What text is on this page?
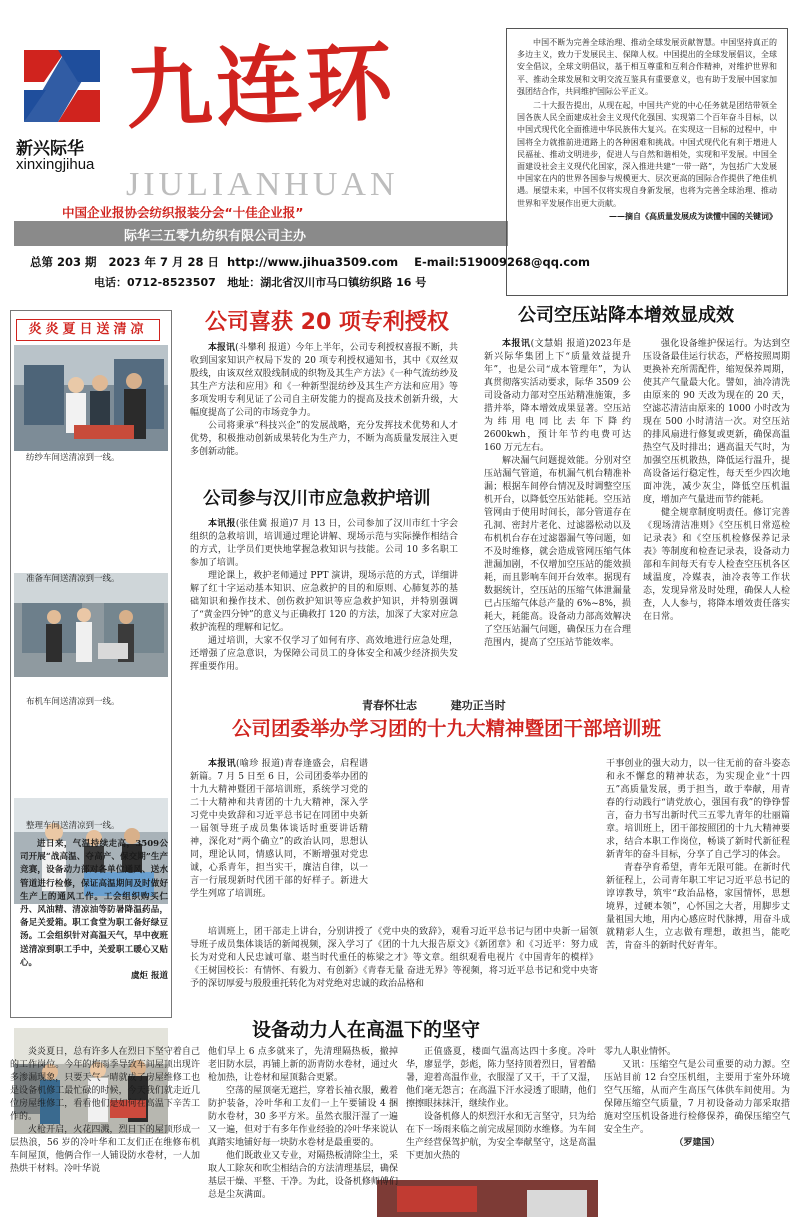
新兴际华
xinxingjihua
九连环
JIULIANHUAN
中国企业报协会纺织报装分会“十佳企业报”
际华三五零九纺织有限公司主办
总第 203 期   2023 年 7 月 28 日  http://www.jihua3509.com    E-mail:519009268@qq.com
电话：0712-8523507   地址：湖北省汉川市马口镇纺织路 16 号

中国不断为完善全球治理、推动全球发展贡献智慧。中国坚持真正的多边主义，致力于发展民主、保障人权。中国提出的全球发展倡议，全球安全倡议，全球文明倡议，基于相互尊重和互利合作精神，对维护世界和平、推动全球发展和文明交流互鉴具有重要意义，也有助于发展中国家加强团结合作，共同维护国际公平正义。

二十大报告提出，从现在起，中国共产党的中心任务就是团结带领全国各族人民全面建成社会主义现代化强国、实现第二个百年奋斗目标，以中国式现代化全面推进中华民族伟大复兴。在实现这一目标的过程中，中国将全力就推前进道路上的各种困难和挑战。中国式现代化有利于增进人民福祉、推动文明进步，促进人与自然和谐相处，实现和平发展。中国全面建设社会主义现代化国家，深入推进共建“一带一路”，为包括广大发展中国家在内的世界各国参与规模更大、层次更高的国际合作提供了绝佳机遇。展望未来，中国不仅将实现自身新发展，也将为完善全球治理、推动世界和平发展作出更大贡献。

——摘自《高质量发展成为读懂中国的关键词》

炎炎夏日送清凉
纺纱车间送清凉到一线。
准备车间送清凉到一线。
布机车间送清凉到一线。
整理车间送清凉到一线。

进日来，气温持续走高，3509公司开展“战高温、夺高产、保交期”生产竞赛，设备动力部对各单位通风、送水管道进行检修，保证高温期间及时做好生产上的通风工作。工会组织购买仁丹、风油精、清凉油等防暑降温药品，备足关爱箱。职工食堂为职工备好绿豆汤。工会组织针对高温天气，早中夜班送清凉到职工手中，关爱职工暖心又贴心。

虞炬 报道

公司喜获 20 项专利授权

本报讯(斗攀利 报道）今年上半年，公司专利授权喜报不断，共收到国家知识产权局下发的 20 项专利授权通知书，其中《双丝双股线，由该双丝双股线制成的织物及其生产方法》《一种气流纺纱及其生产方法和应用》和《一种新型混纺纱及其生产方法和应用》等多项发明专利见证了公司自主研发能力的提高及技术创新升级，大幅度提高了公司的市场竞争力。

公司将秉承“科技兴企”的发展战略，充分发挥技术优势和人才优势，积极推动创新成果转化为生产力，不断为高质量发展注入更多创新动能。

公司参与汉川市应急救护培训

本讯报(张佳冀 报道)7 月 13 日，公司参加了汉川市红十字会组织的急救培训，培训通过理论讲解、现场示范与实际操作相结合的方式，让学员们更快地掌握急救知识与技能。公司 10 多名职工参加了培训。

理论课上，救护老师通过 PPT 演讲，现场示范的方式，详细讲解了红十字运动基本知识、应急救护的目的和原则、心肺复苏的基础知识和操作技术、创伤救护知识等应急救护知识，并特别强调了“黄金四分钟”的意义与正确救打 120 的方法，加深了大家对应急救护流程的理解和记忆。

通过培训，大家不仅学习了如何有序、高效地进行应急处理，还增强了应急意识，为保障公司员工的身体安全和减少经济损失发挥重要作用。

公司空压站降本增效显成效

本报讯(文慧娟 报道)2023年是新兴际华集团上下“质量效益提升年”，也是公司“成本管理年”，为认真贯彻落实活动要求，际华 3509 公司设备动力部对空压站精准施策，多措并举，降本增效成果显著。空压站为纬用电同比去年下降约 2600kwh，预计年节约电费可达 160 万元左右。

解决漏气问题提效能。分别对空压站漏气管道，布机漏气机台精准补漏；根据车间停台情况及时调整空压机开台，以降低空压站能耗。空压站管网由于使用时间长，部分管道存在孔洞、密封片老化、过滤器松动以及布机机台存在过滤器漏气等问题，如不及时维修，就会造成管网压缩气体泄漏加剧，不仅增加空压站的能效损耗，而且影响车间开台效率。据现有数据统计，空压站的压缩气体泄漏量已占压缩气体总产量的 6%~8%，损耗大，耗能高。设备动力部高效解决了空压站漏气问题，确保压力在合理范围内，提高了空压站节能效率。

强化设备维护保运行。为达到空压设备最佳运行状态，严格按照周期更换补充所需配件，缩短保养周期，使其产气量最大化。譬如，油冷清洗由原来的 90 天改为现在的 20 天，空滤芯清洁由原来的 1000 小时改为现在 500 小时清洁一次。对空压站的排风扇进行修复或更新，确保高温热空气及时排出；遇高温天气时，为加强空压机散热，降低运行温升，提高设备运行稳定性，每天至少四次地面冲洗，减少灰尘，降低空压机温度，增加产气量进而节约能耗。

健全规章制度明责任。修订完善《现场清洁准则》《空压机日常巡检记录表》和《空压机检修保养记录表》等制度和检查记录表，设备动力部和车间每天有专人检查空压机各区域温度，冷媒表，油冷表等工作状态，发现异常及时处理，确保人人检查，人人参与，将降本增效责任落实在日常。

青春怀壮志	建功正当时
公司团委举办学习团的十九大精神暨团干部培训班

本报讯(喻珍 报道)青春逢盛会，启程谱新篇。7 月 5 日至 6 日，公司团委举办团的十九大精神暨团干部培训班，系统学习党的二十大精神和共青团的十九大精神，深入学习党中央致辞和习近平总书记在同团中央新一届领导班子成员集体谈话时重要讲话精神，深化对“两个确立”的政治认同，思想认同，理论认同，情感认同，不断增强对党忠诚，心系青年，担当实干，廉洁自律，以一言一行展现新时代团干部的好样子。新进大学生列席了培训班。

培训班上，团干部走上讲台，分别讲授了《党中央的致辞》，观看习近平总书记与团中央新一届领导班子成员集体谈话的新闻视频，深入学习了《团的十九大报告原文》《新团章》和《习近平：努力成长为对党和人民忠诚可靠、堪当时代重任的栋梁之才》等文章。组织观看电视片《中国青年的模样》《王树国校长：有情怀、有毅力、有创新》《青春无量 奋进无界》等视频，将习近平总书记和党中央寄予的深切厚爱与殷殷重托转化为对党绝对忠诚的政治品格和

干事创业的强大动力，以一往无前的奋斗姿态和永不懈怠的精神状态，为实现企业“十四五”高质量发展，勇于担当，敢于奉献，用青春的行动践行“请党放心，强国有我”的铮铮誓言，奋力书写出新时代三五零九青年的壮丽篇章。培训班上，团干部按照团的十九大精神要求，结合本职工作岗位，畅谈了新时代新征程新青年的奋斗目标，分享了自己学习的体会。

青春孕育希望，青年无限可能。在新时代新征程上，公司青年职工牢记习近平总书记的谆谆教导，筑牢“政治品格，家国情怀，思想境界，过硬本领”，心怀国之大者，用脚步丈量祖国大地，用内心感应时代脉搏，用奋斗成就精彩人生，立志做有理想，敢担当，能吃苦，肯奋斗的新时代好青年。

设备动力人在高温下的坚守

炎炎夏日，总有许多人在烈日下坚守着自己的工作岗位。今年的梅雨季导致车间屋顶出现许多渗漏现象，只要天气一晴就成了房屋维修工也是设备机修工最忙碌的时候，今天我们就走近几位房屋维修工，看看他们是如何在高温下辛苦工作的。

火枪开启，火花四溅，烈日下的屋顶形成一层热浪，56 岁的冷叶华和工友们正在维修布机车间屋顶，他俩合作一人铺设防水卷材，一人加热烘干材料。冷叶华说

他们早上 6 点多就来了，先清理隔热板，撤掉老旧防水层，再铺上新的沥青防水卷材，通过火枪加热，让卷材和屋顶黏合更紧。

空荡的屋顶毫无遮拦，穿着长袖衣服，戴着防护装备，冷叶华和工友们一上午要铺设 4 捆防水卷材，30 多平方米。虽然衣服汗湿了一遍又一遍，但对于有多年作业经验的冷叶华来说认真踏实地铺好每一块防水卷材是最重要的。

他们既敢业又专业，对隔热板清除尘土，采取人工除灰和吹尘相结合的方法清理基层，确保基层干燥、平整、干净。为此，设备机修师傅们总是尘灰满面。

正值盛夏，楼面气温高达四十多度。冷叶华，廖显学，彭彪，陈力坚持顶着烈日，冒着酷暑，迎着高温作业，衣服湿了又干，干了又湿，他们毫无怨言；在高温下汗水浸透了眼睛，他们擦擦眼抹抹汗，继续作业。

设备机修人的炽烈汗水和无言坚守，只为给在下一场雨来临之前完成屋顶防水维修。为车间生产经营保驾护航，为安全奉献坚守，这是高温下更加火热的

零九人职业情怀。

又讯：压缩空气是公司重要的动力源。空压站目前 12 台空压机组，主要用于室外环境空气压缩，从而产生高压气体供车间使用。为保障压缩空气质量，7 月初设备动力部采取措施对空压机设备进行检修保养，确保压缩空气安全生产。

（罗建国）
